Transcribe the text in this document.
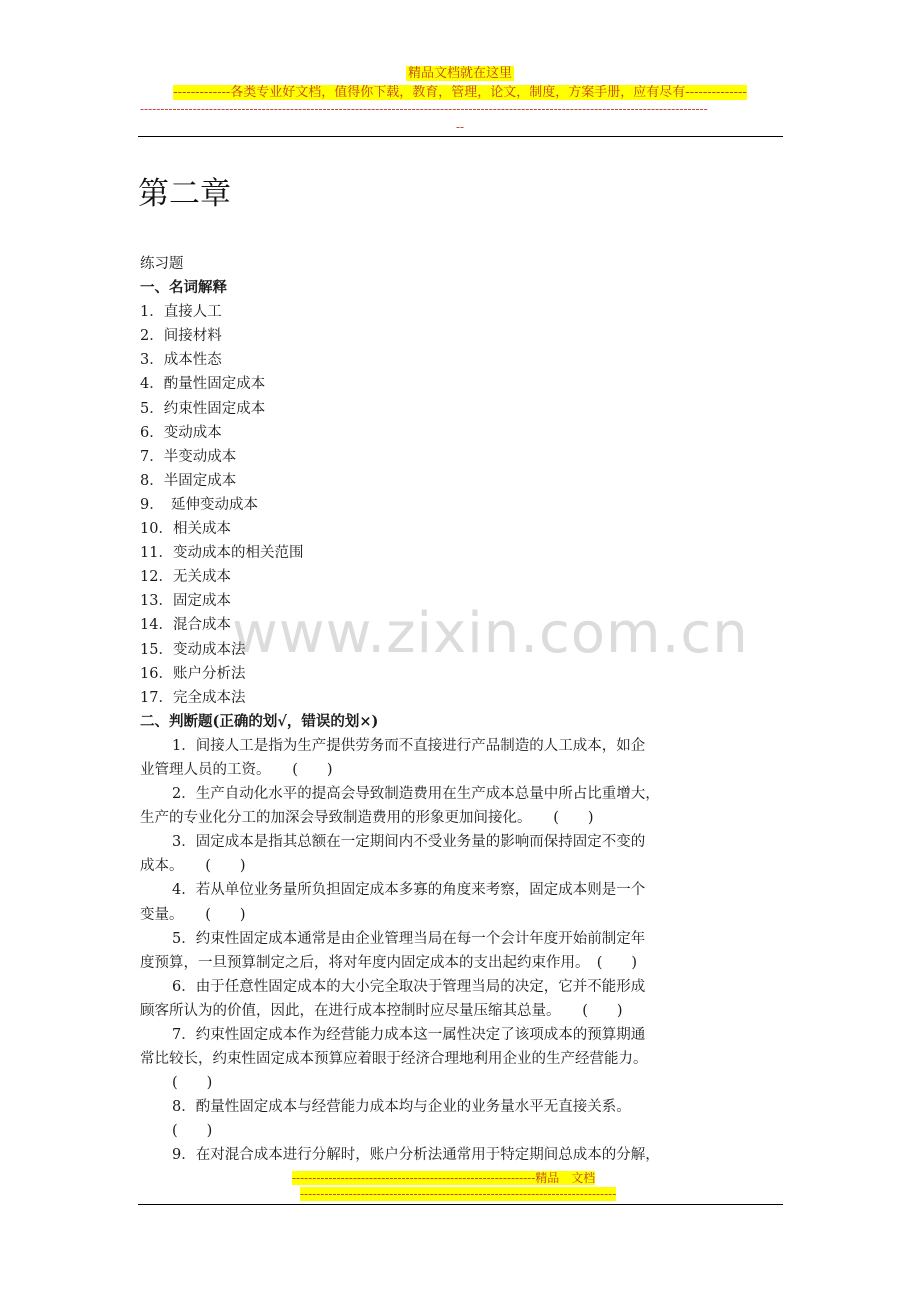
精品文档就在这里
-------------各类专业好文档，值得你下载，教育，管理，论文，制度，方案手册，应有尽有--------------
--------------------------------------------------------------------------------------------------------------------------------------------
--
第二章
www.zixin.com.cn
练习题
一、名词解释
1．直接人工
2．间接材料
3．成本性态
4．酌量性固定成本
5．约束性固定成本
6．变动成本
7．半变动成本
8．半固定成本
9．　延伸变动成本
10．相关成本
11．变动成本的相关范围
12．无关成本
13．固定成本
14．混合成本
15．变动成本法
16．账户分析法
17．完全成本法
二、判断题(正确的划√，错误的划×)
1．间接人工是指为生产提供劳务而不直接进行产品制造的人工成本，如企
业管理人员的工资。　　(　　)
2．生产自动化水平的提高会导致制造费用在生产成本总量中所占比重增大，
生产的专业化分工的加深会导致制造费用的形象更加间接化。　　(　　)
3．固定成本是指其总额在一定期间内不受业务量的影响而保持固定不变的
成本。　　(　　)
4．若从单位业务量所负担固定成本多寡的角度来考察，固定成本则是一个
变量。　　(　　)
5．约束性固定成本通常是由企业管理当局在每一个会计年度开始前制定年
度预算，一旦预算制定之后，将对年度内固定成本的支出起约束作用。　(　　)
6．由于任意性固定成本的大小完全取决于管理当局的决定，它并不能形成
顾客所认为的价值，因此，在进行成本控制时应尽量压缩其总量。　　(　　)
7．约束性固定成本作为经营能力成本这一属性决定了该项成本的预算期通
常比较长，约束性固定成本预算应着眼于经济合理地利用企业的生产经营能力。
(　　)
8．酌量性固定成本与经营能力成本均与企业的业务量水平无直接关系。
(　　)
9．在对混合成本进行分解时，账户分析法通常用于特定期间总成本的分解，
------------------------------------------------------------精品　文档
------------------------------------------------------------------------------
